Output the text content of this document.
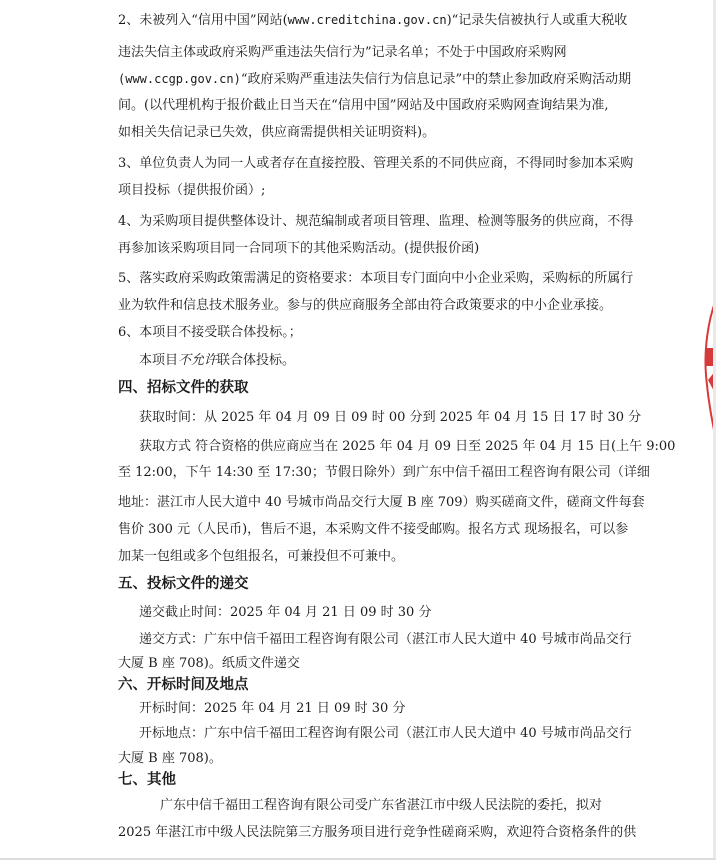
2、未被列入“信用中国”网站(www.creditchina.gov.cn)“记录失信被执行人或重大税收
违法失信主体或政府采购严重违法失信行为”记录名单；不处于中国政府采购网
(www.ccgp.gov.cn)“政府采购严重违法失信行为信息记录”中的禁止参加政府采购活动期
间。(以代理机构于报价截止日当天在“信用中国”网站及中国政府采购网查询结果为准,
如相关失信记录已失效，供应商需提供相关证明资料)。
3、单位负责人为同一人或者存在直接控股、管理关系的不同供应商，不得同时参加本采购
项目投标（提供报价函）;
4、为采购项目提供整体设计、规范编制或者项目管理、监理、检测等服务的供应商，不得
再参加该采购项目同一合同项下的其他采购活动。(提供报价函)
5、落实政府采购政策需满足的资格要求：本项目专门面向中小企业采购，采购标的所属行
业为软件和信息技术服务业。参与的供应商服务全部由符合政策要求的中小企业承接。
6、本项目不接受联合体投标。；
本项目不允许联合体投标。
四、招标文件的获取
获取时间：从 2025 年 04 月 09 日 09 时 00 分到 2025 年 04 月 15 日 17 时 30 分
获取方式 符合资格的供应商应当在 2025 年 04 月 09 日至 2025 年 04 月 15 日(上午 9:00
至 12:00，下午 14:30 至 17:30；节假日除外）到广东中信千福田工程咨询有限公司（详细
地址：湛江市人民大道中 40 号城市尚品交行大厦 B 座 709）购买磋商文件，磋商文件每套
售价 300 元（人民币)，售后不退，本采购文件不接受邮购。报名方式 现场报名，可以参
加某一包组或多个包组报名，可兼投但不可兼中。
五、投标文件的递交
递交截止时间：2025 年 04 月 21 日 09 时 30 分
递交方式：广东中信千福田工程咨询有限公司（湛江市人民大道中 40 号城市尚品交行
大厦 B 座 708)。纸质文件递交
六、开标时间及地点
开标时间：2025 年 04 月 21 日 09 时 30 分
开标地点：广东中信千福田工程咨询有限公司（湛江市人民大道中 40 号城市尚品交行
大厦 B 座 708)。
七、其他
广东中信千福田工程咨询有限公司受广东省湛江市中级人民法院的委托，拟对
2025 年湛江市中级人民法院第三方服务项目进行竞争性磋商采购，欢迎符合资格条件的供
